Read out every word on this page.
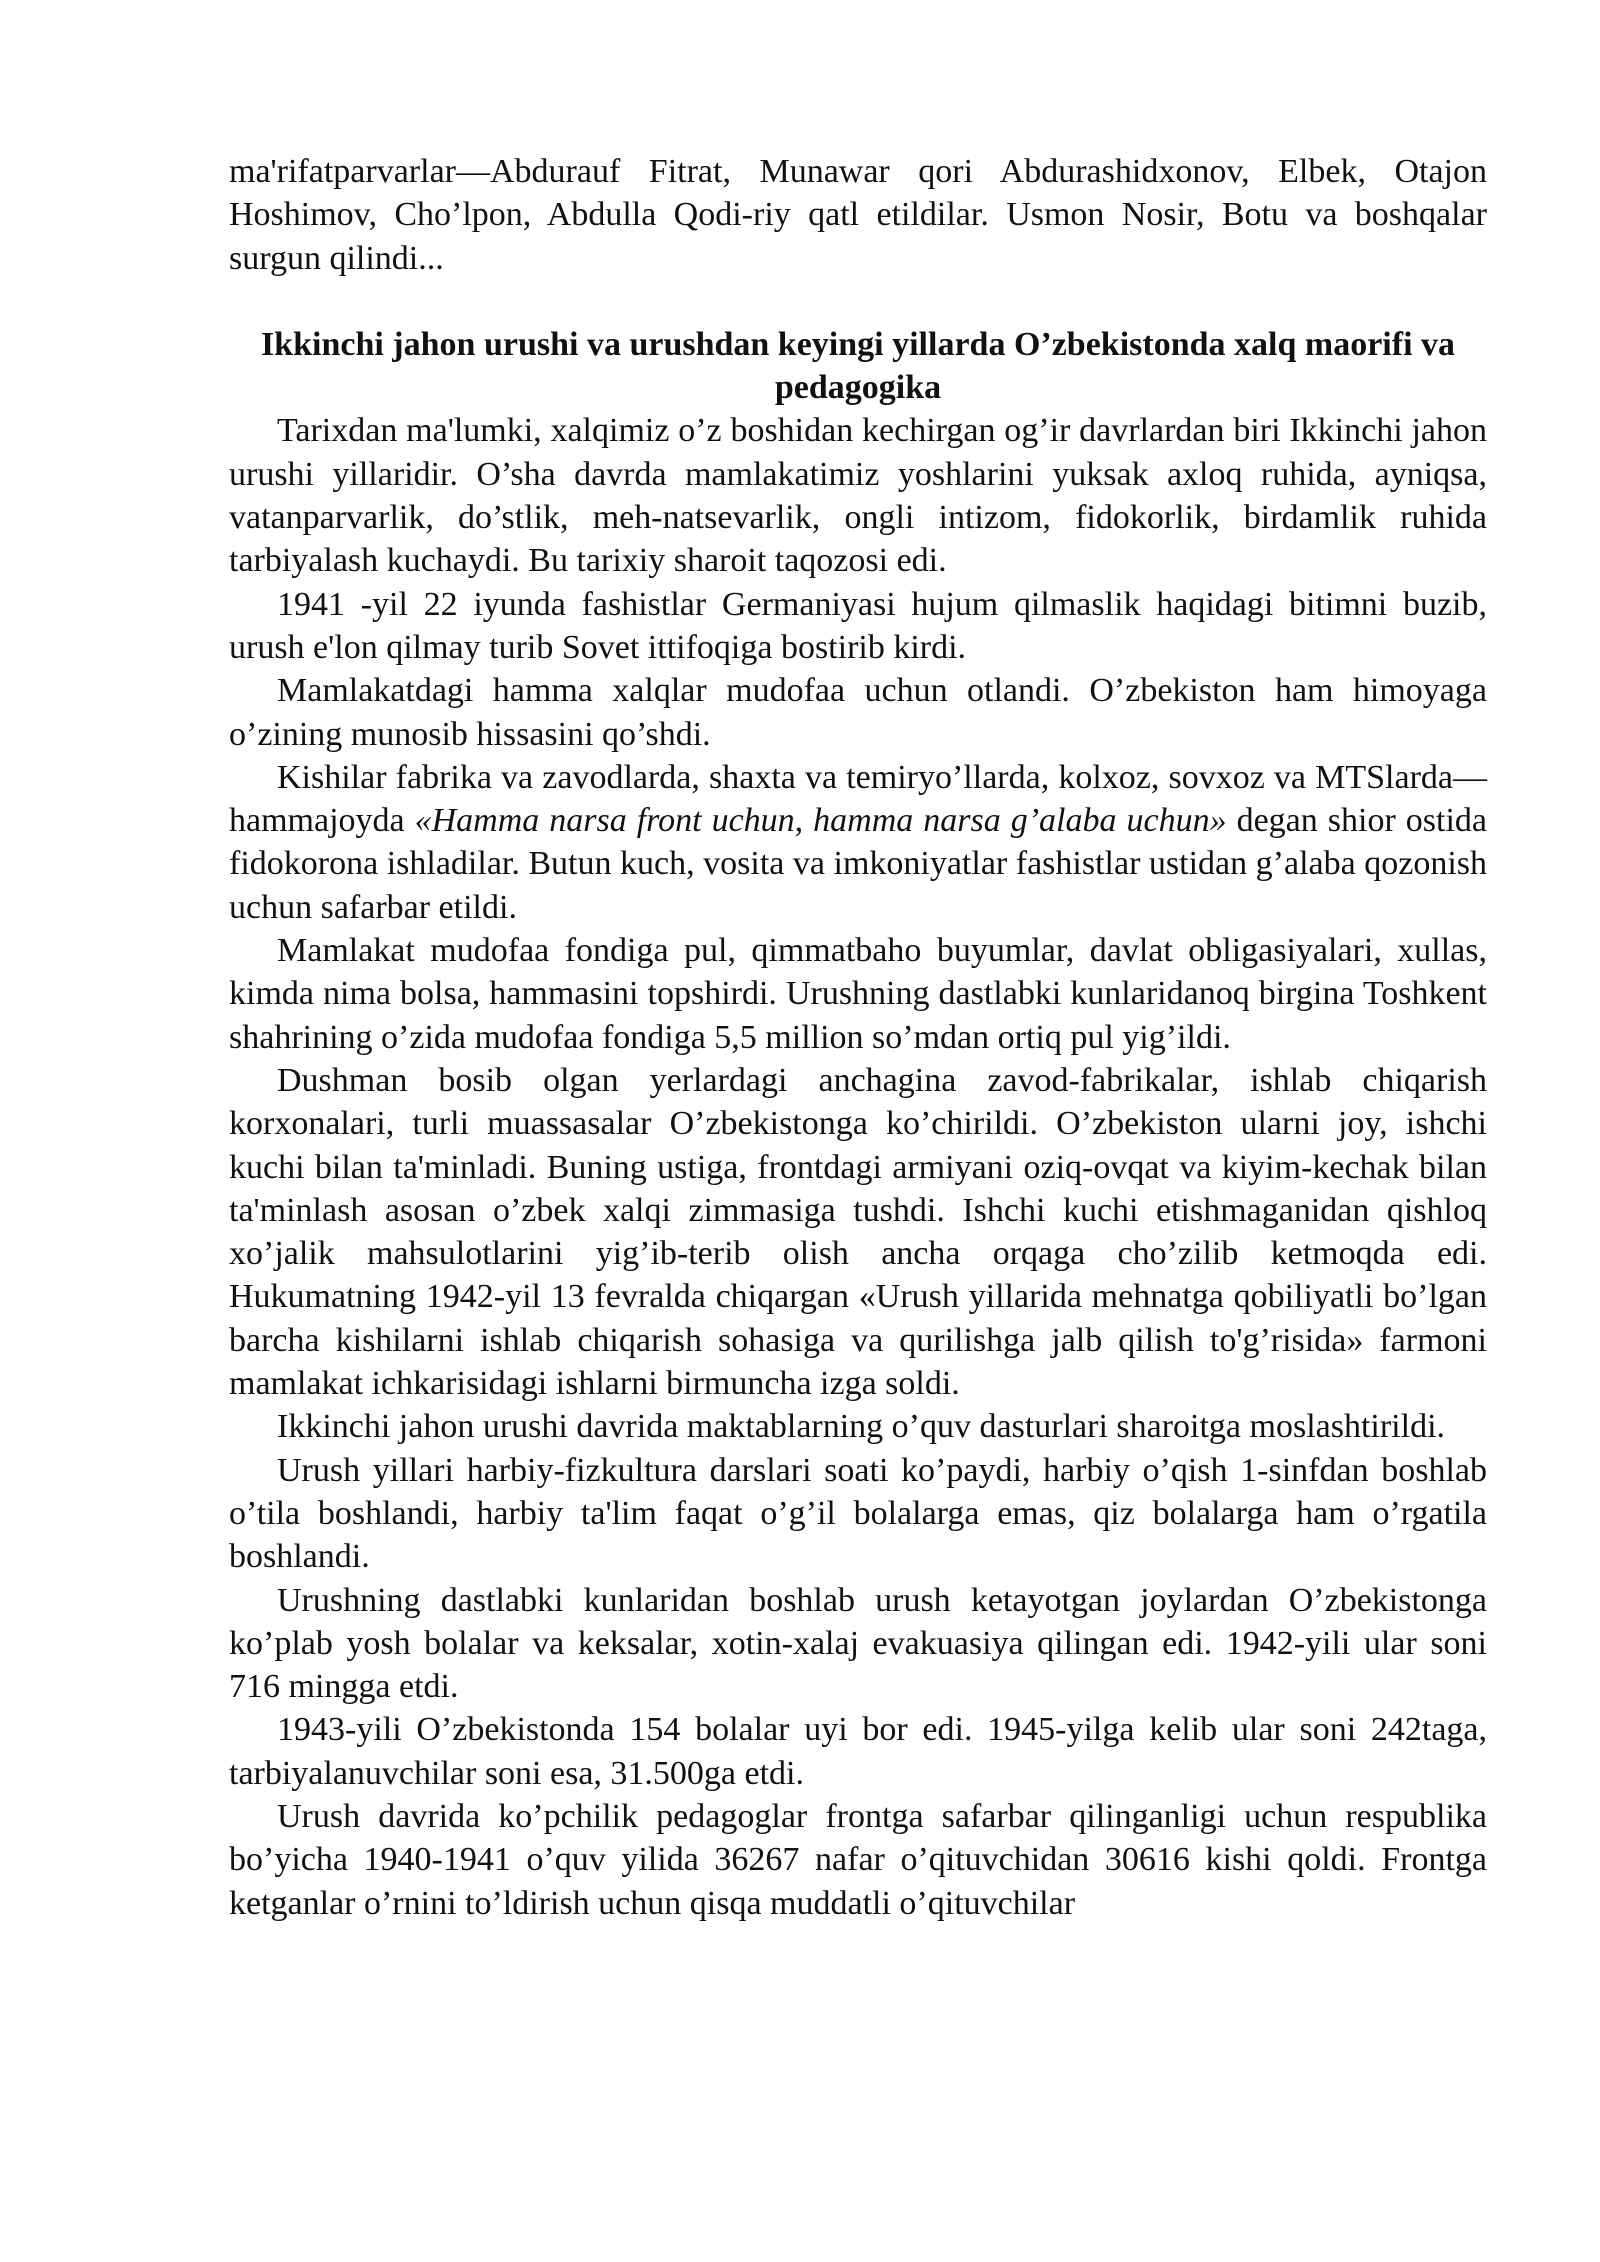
ma'rifatparvarlar—Abdurauf Fitrat, Munawar qori Abdurashidxonov, Elbek, Otajon Hoshimov, Cho’lpon, Abdulla Qodi-riy qatl etildilar. Usmon Nosir, Botu va boshqalar surgun qilindi...

Ikkinchi jahon urushi va urushdan keyingi yillarda O’zbekistonda xalq maorifi va pedagogika

Tarixdan ma'lumki, xalqimiz o’z boshidan kechirgan og’ir davrlardan biri Ikkinchi jahon urushi yillaridir. O’sha davrda mamlakatimiz yoshlarini yuksak axloq ruhida, ayniqsa, vatanparvarlik, do’stlik, meh-natsevarlik, ongli intizom, fidokorlik, birdamlik ruhida tarbiyalash kuchaydi. Bu tarixiy sharoit taqozosi edi.

1941 -yil 22 iyunda fashistlar Germaniyasi hujum qilmaslik haqidagi bitimni buzib, urush e'lon qilmay turib Sovet ittifoqiga bostirib kirdi.

Mamlakatdagi hamma xalqlar mudofaa uchun otlandi. O’zbekiston ham himoyaga o’zining munosib hissasini qo’shdi.

Kishilar fabrika va zavodlarda, shaxta va temiryo’llarda, kolxoz, sovxoz va MTSlarda—hammajoyda «Hamma narsa front uchun, hamma narsa g’alaba uchun» degan shior ostida fidokorona ishladilar. Butun kuch, vosita va imkoniyatlar fashistlar ustidan g’alaba qozonish uchun safarbar etildi.

Mamlakat mudofaa fondiga pul, qimmatbaho buyumlar, davlat obligasiyalari, xullas, kimda nima bolsa, hammasini topshirdi. Urushning dastlabki kunlaridanoq birgina Toshkent shahrining o’zida mudofaa fondiga 5,5 million so’mdan ortiq pul yig’ildi.

Dushman bosib olgan yerlardagi anchagina zavod-fabrikalar, ishlab chiqarish korxonalari, turli muassasalar O’zbekistonga ko’chirildi. O’zbekiston ularni joy, ishchi kuchi bilan ta'minladi. Buning ustiga, frontdagi armiyani oziq-ovqat va kiyim-kechak bilan ta'minlash asosan o’zbek xalqi zimmasiga tushdi. Ishchi kuchi etishmaganidan qishloq xo’jalik mahsulotlarini yig’ib-terib olish ancha orqaga cho’zilib ketmoqda edi. Hukumatning 1942-yil 13 fevralda chiqargan «Urush yillarida mehnatga qobiliyatli bo’lgan barcha kishilarni ishlab chiqarish sohasiga va qurilishga jalb qilish to'g’risida» farmoni mamlakat ichkarisidagi ishlarni birmuncha izga soldi.

Ikkinchi jahon urushi davrida maktablarning o’quv dasturlari sharoitga moslashtirildi.

Urush yillari harbiy-fizkultura darslari soati ko’paydi, harbiy o’qish 1-sinfdan boshlab o’tila boshlandi, harbiy ta'lim faqat o’g’il bolalarga emas, qiz bolalarga ham o’rgatila boshlandi.

Urushning dastlabki kunlaridan boshlab urush ketayotgan joylardan O’zbekistonga ko’plab yosh bolalar va keksalar, xotin-xalaj evakuasiya qilingan edi. 1942-yili ular soni 716 mingga etdi.

1943-yili O’zbekistonda 154 bolalar uyi bor edi. 1945-yilga kelib ular soni 242taga, tarbiyalanuvchilar soni esa, 31.500ga etdi.

Urush davrida ko’pchilik pedagoglar frontga safarbar qilinganligi uchun respublika bo’yicha 1940-1941 o’quv yilida 36267 nafar o’qituvchidan 30616 kishi qoldi. Frontga ketganlar o’rnini to’ldirish uchun qisqa muddatli o’qituvchilar
